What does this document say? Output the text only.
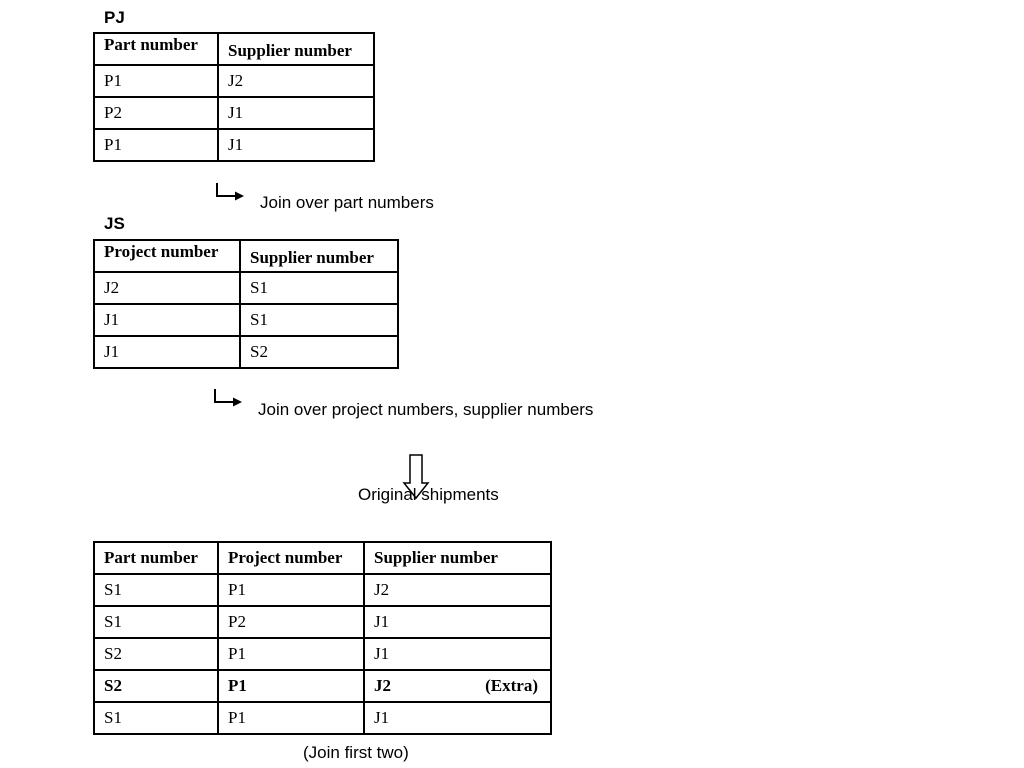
PJ
Part number	Supplier number
P1	J2
P2	J1
P1	J1
Join over part numbers
JS
Project number	Supplier number
J2	S1
J1	S1
J1	S2
Join over project numbers, supplier numbers
Original shipments
Part number	Project number	Supplier number
S1	P1	J2
S1	P2	J1
S2	P1	J1
S2	P1	J2 (Extra)

S1	P1	J1
(Join first two)
